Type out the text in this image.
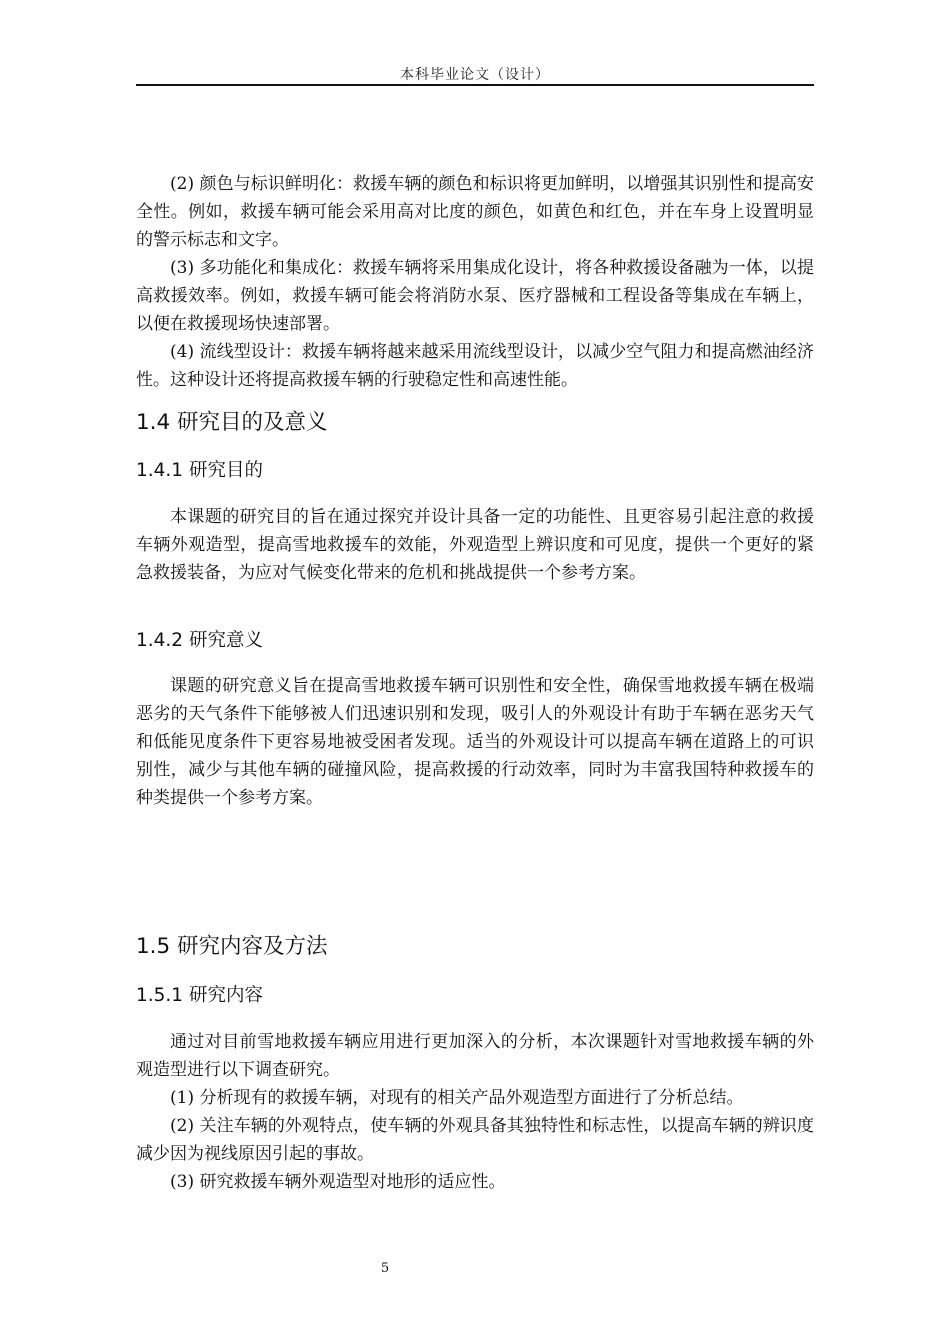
本科毕业论文（设计）

(2) 颜色与标识鲜明化：救援车辆的颜色和标识将更加鲜明，以增强其识别性和提高安全性。例如，救援车辆可能会采用高对比度的颜色，如黄色和红色，并在车身上设置明显的警示标志和文字。

(3) 多功能化和集成化：救援车辆将采用集成化设计，将各种救援设备融为一体，以提高救援效率。例如，救援车辆可能会将消防水泵、医疗器械和工程设备等集成在车辆上，以便在救援现场快速部署。

(4) 流线型设计：救援车辆将越来越采用流线型设计，以减少空气阻力和提高燃油经济性。这种设计还将提高救援车辆的行驶稳定性和高速性能。

1.4 研究目的及意义
1.4.1 研究目的

本课题的研究目的旨在通过探究并设计具备一定的功能性、且更容易引起注意的救援车辆外观造型，提高雪地救援车的效能，外观造型上辨识度和可见度，提供一个更好的紧急救援装备，为应对气候变化带来的危机和挑战提供一个参考方案。

1.4.2 研究意义

课题的研究意义旨在提高雪地救援车辆可识别性和安全性，确保雪地救援车辆在极端恶劣的天气条件下能够被人们迅速识别和发现，吸引人的外观设计有助于车辆在恶劣天气和低能见度条件下更容易地被受困者发现。适当的外观设计可以提高车辆在道路上的可识别性，减少与其他车辆的碰撞风险，提高救援的行动效率，同时为丰富我国特种救援车的种类提供一个参考方案。

1.5 研究内容及方法
1.5.1 研究内容

通过对目前雪地救援车辆应用进行更加深入的分析，本次课题针对雪地救援车辆的外观造型进行以下调查研究。

(1) 分析现有的救援车辆，对现有的相关产品外观造型方面进行了分析总结。

(2) 关注车辆的外观特点，使车辆的外观具备其独特性和标志性，以提高车辆的辨识度减少因为视线原因引起的事故。

(3) 研究救援车辆外观造型对地形的适应性。

5
